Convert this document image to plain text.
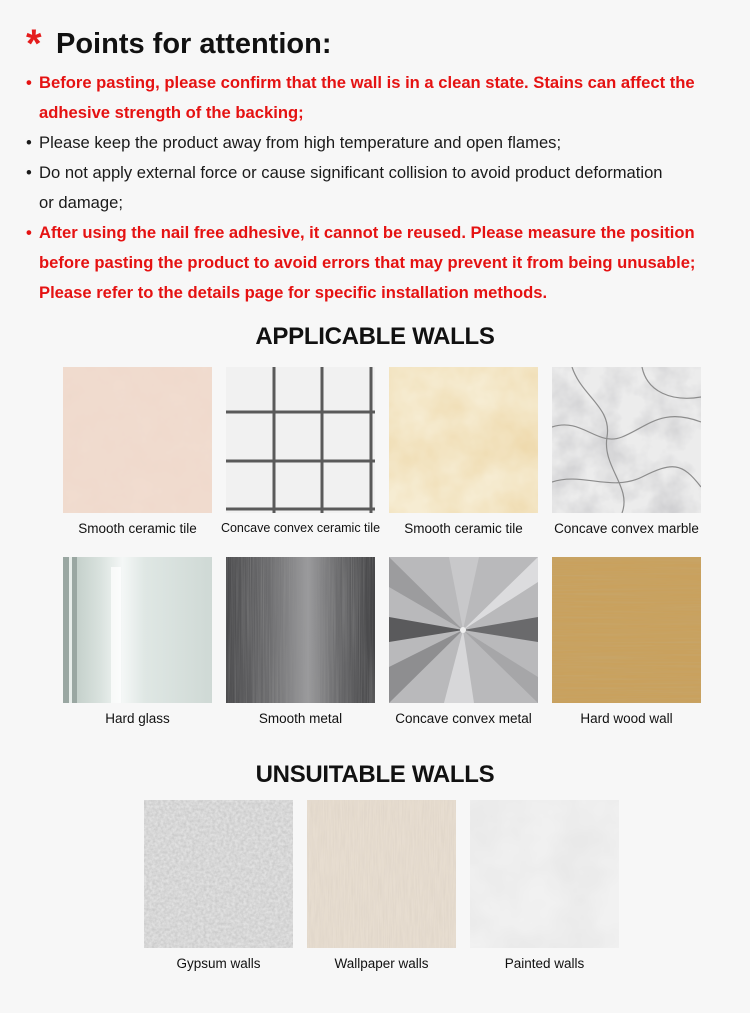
* Points for attention:
• Before pasting, please confirm that the wall is in a clean state. Stains can affect the
adhesive strength of the backing;
• Please keep the product away from high temperature and open flames;
• Do not apply external force or cause significant collision to avoid product deformation
or damage;
• After using the nail free adhesive, it cannot be reused. Please measure the position
before pasting the product to avoid errors that may prevent it from being unusable;
Please refer to the details page for specific installation methods.
APPLICABLE WALLS
Smooth ceramic tile	Concave convex ceramic tile	Smooth ceramic tile	Concave convex marble
Hard glass	Smooth metal	Concave convex metal	Hard wood wall
UNSUITABLE WALLS
Gypsum walls	Wallpaper walls	Painted walls
